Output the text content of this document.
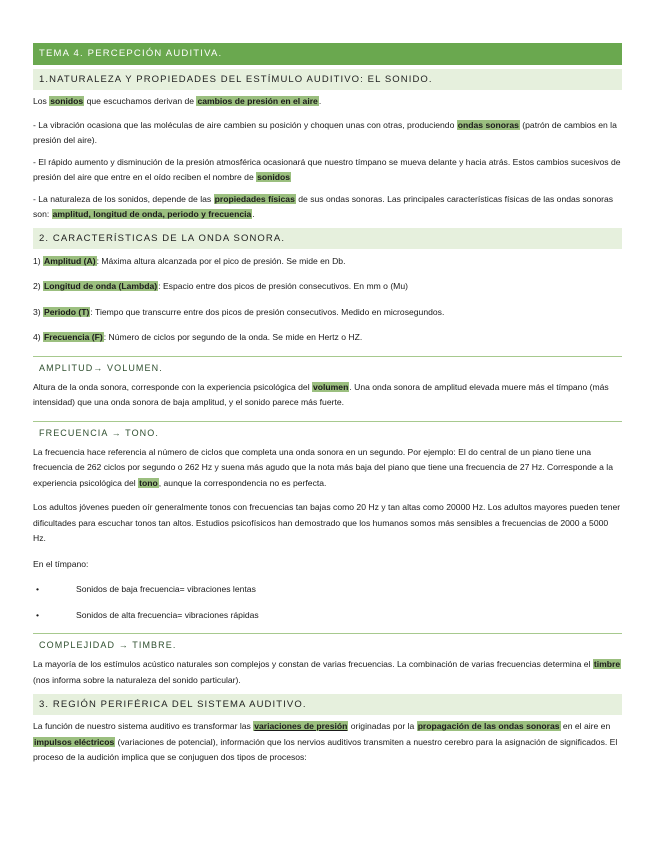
TEMA 4. PERCEPCIÓN AUDITIVA.
1.NATURALEZA Y PROPIEDADES DEL ESTÍMULO AUDITIVO: EL SONIDO.

Los sonidos que escuchamos derivan de cambios de presión en el aire.

- La vibración ocasiona que las moléculas de aire cambien su posición y choquen unas con otras, produciendo ondas sonoras (patrón de cambios en la presión del aire).

- El rápido aumento y disminución de la presión atmosférica ocasionará que nuestro tímpano se mueva delante y hacia atrás. Estos cambios sucesivos de presión del aire que entre en el oído reciben el nombre de sonidos

- La naturaleza de los sonidos, depende de las propiedades físicas de sus ondas sonoras. Las principales características físicas de las ondas sonoras son: amplitud, longitud de onda, periodo y frecuencia.

2. CARACTERÍSTICAS DE LA ONDA SONORA.

1) Amplitud (A): Máxima altura alcanzada por el pico de presión. Se mide en Db.

2) Longitud de onda (Lambda): Espacio entre dos picos de presión consecutivos. En mm o (Mu)

3) Periodo (T): Tiempo que transcurre entre dos picos de presión consecutivos. Medido en microsegundos.

4) Frecuencia (F): Número de ciclos por segundo de la onda. Se mide en Hertz o HZ.

AMPLITUD→ VOLUMEN.

Altura de la onda sonora, corresponde con la experiencia psicológica del volumen. Una onda sonora de amplitud elevada muere más el tímpano (más intensidad) que una onda sonora de baja amplitud, y el sonido parece más fuerte.

FRECUENCIA → TONO.

La frecuencia hace referencia al número de ciclos que completa una onda sonora en un segundo. Por ejemplo: El do central de un piano tiene una frecuencia de 262 ciclos por segundo o 262 Hz y suena más agudo que la nota más baja del piano que tiene una frecuencia de 27 Hz. Corresponde a la experiencia psicológica del tono, aunque la correspondencia no es perfecta.

Los adultos jóvenes pueden oír generalmente tonos con frecuencias tan bajas como 20 Hz y tan altas como 20000 Hz. Los adultos mayores pueden tener dificultades para escuchar tonos tan altos. Estudios psicofísicos han demostrado que los humanos somos más sensibles a frecuencias de 2000 a 5000 Hz.

En el tímpano:

•	Sonidos de baja frecuencia= vibraciones lentas
•	Sonidos de alta frecuencia= vibraciones rápidas
COMPLEJIDAD → TIMBRE.

La mayoría de los estímulos acústico naturales son complejos y constan de varias frecuencias. La combinación de varias frecuencias determina el timbre (nos informa sobre la naturaleza del sonido particular).

3. REGIÓN PERIFÉRICA DEL SISTEMA AUDITIVO.

La función de nuestro sistema auditivo es transformar las variaciones de presión originadas por la propagación de las ondas sonoras en el aire en impulsos eléctricos (variaciones de potencial), información que los nervios auditivos transmiten a nuestro cerebro para la asignación de significados. El proceso de la audición implica que se conjuguen dos tipos de procesos:
